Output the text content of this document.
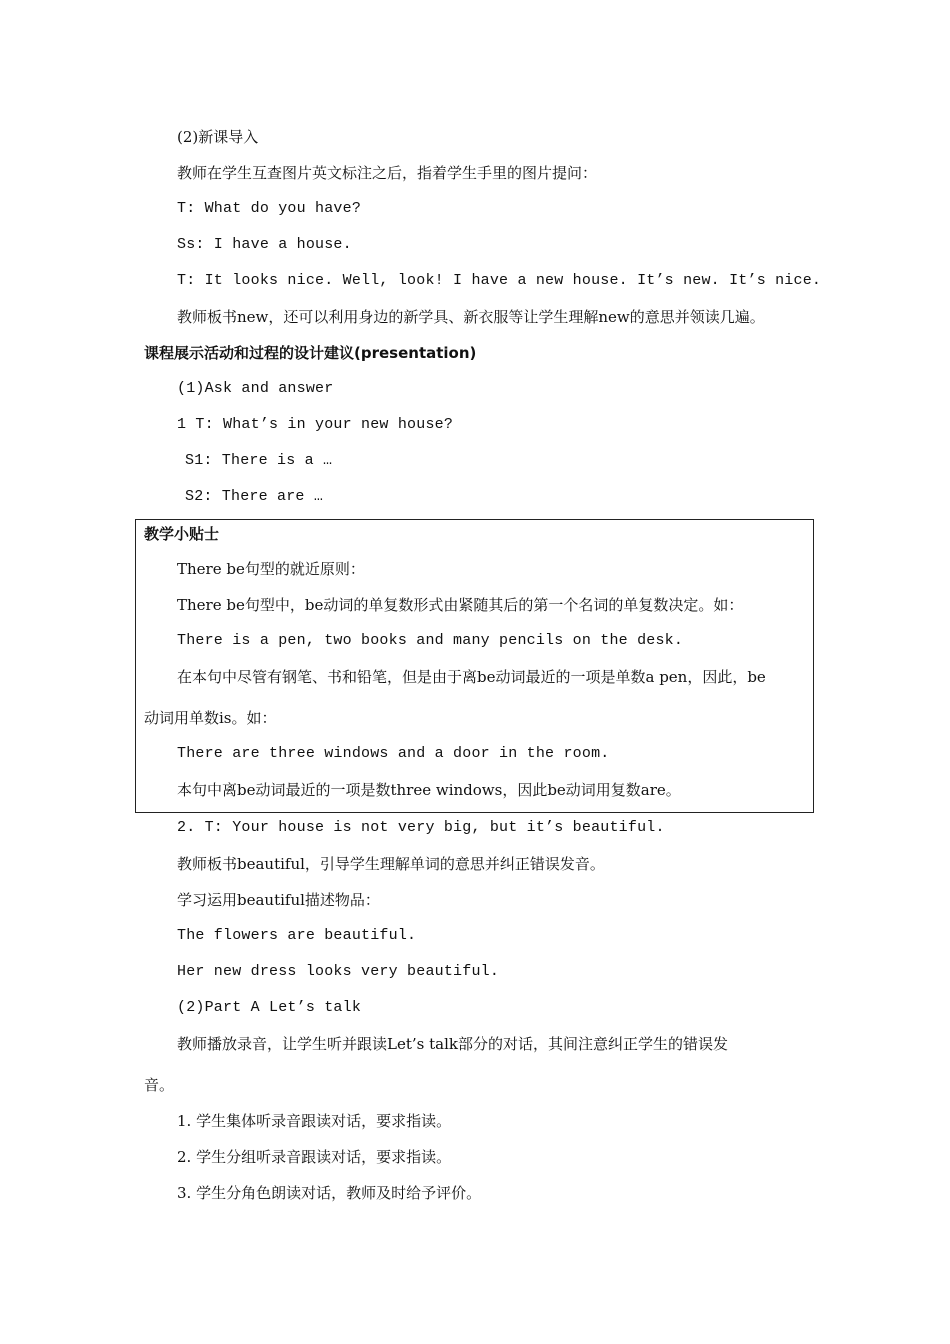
(2)新课导入
教师在学生互查图片英文标注之后，指着学生手里的图片提问：
T: What do you have?
Ss: I have a house.
T: It looks nice. Well, look! I have a new house. It’s new. It’s nice.
教师板书new，还可以利用身边的新学具、新衣服等让学生理解new的意思并领读几遍。
课程展示活动和过程的设计建议(presentation)
(1)Ask and answer
1 T: What’s in your new house?
S1: There is a …
S2: There are …
教学小贴士
There be句型的就近原则：
There be句型中，be动词的单复数形式由紧随其后的第一个名词的单复数决定。如：
There is a pen, two books and many pencils on the desk.
在本句中尽管有钢笔、书和铅笔，但是由于离be动词最近的一项是单数a pen，因此，be
动词用单数is。如：
There are three windows and a door in the room.
本句中离be动词最近的一项是数three windows，因此be动词用复数are。
2. T: Your house is not very big, but it’s beautiful.
教师板书beautiful，引导学生理解单词的意思并纠正错误发音。
学习运用beautiful描述物品：
The flowers are beautiful.
Her new dress looks very beautiful.
(2)Part A Let’s talk
教师播放录音，让学生听并跟读Let’s talk部分的对话，其间注意纠正学生的错误发
音。
1. 学生集体听录音跟读对话，要求指读。
2. 学生分组听录音跟读对话，要求指读。
3. 学生分角色朗读对话，教师及时给予评价。
